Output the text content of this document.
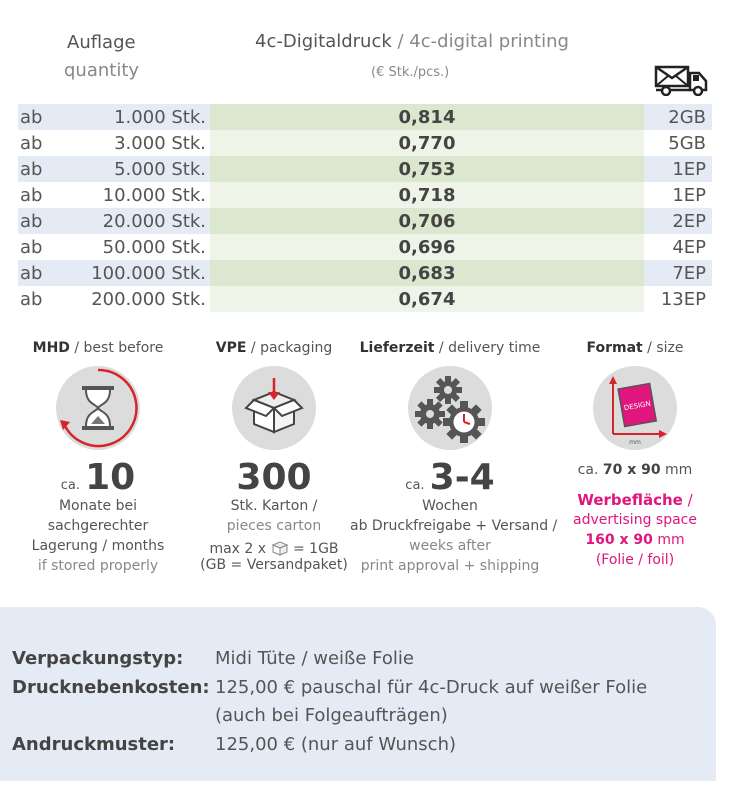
Auflage
quantity
4c-Digitaldruck / 4c-digital printing
(€ Stk./pcs.)
ab	1.000 Stk.	0,814	2GB
ab	3.000 Stk.	0,770	5GB
ab	5.000 Stk.	0,753	1EP
ab	10.000 Stk.	0,718	1EP
ab	20.000 Stk.	0,706	2EP
ab	50.000 Stk.	0,696	4EP
ab	100.000 Stk.	0,683	7EP
ab	200.000 Stk.	0,674	13EP
MHD / best before
ca. 10
Monate bei
sachgerechter
Lagerung / months
if stored properly
VPE / packaging
300
Stk. Karton /
pieces carton
max 2 x = 1GB
(GB = Versandpaket)
Lieferzeit / delivery time
ca. 3-4
Wochen
ab Druckfreigabe + Versand /
weeks after
print approval + shipping
Format / size
DESIGN
mm
ca. 70 x 90 mm
Werbefläche /
advertising space
160 x 90 mm
(Folie / foil)
Verpackungstyp: Midi Tüte / weiße Folie
Drucknebenkosten: 125,00 € pauschal für 4c-Druck auf weißer Folie
(auch bei Folgeaufträgen)
Andruckmuster: 125,00 € (nur auf Wunsch)
